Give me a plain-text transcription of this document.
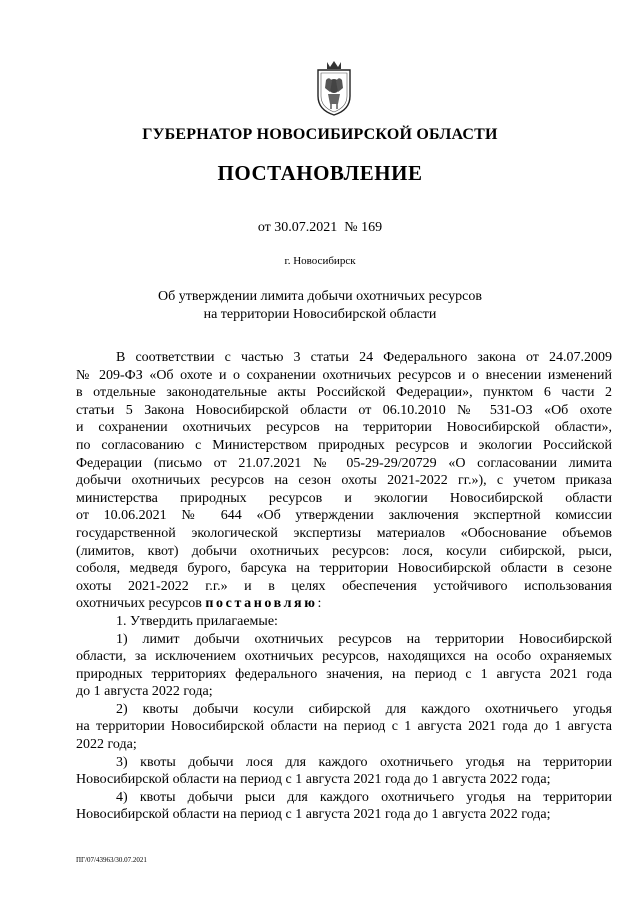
ГУБЕРНАТОР НОВОСИБИРСКОЙ ОБЛАСТИ
ПОСТАНОВЛЕНИЕ
от 30.07.2021  № 169
г. Новосибирск
Об утверждении лимита добычи охотничьих ресурсов
на территории Новосибирской области

В соответствии с частью 3 статьи 24 Федерального закона от 24.07.2009

№ 209-ФЗ «Об охоте и о сохранении охотничьих ресурсов и о внесении изменений

в отдельные законодательные акты Российской Федерации», пунктом 6 части 2

статьи 5 Закона Новосибирской области от 06.10.2010 № 531-ОЗ «Об охоте

и сохранении охотничьих ресурсов на территории Новосибирской области»,

по согласованию с Министерством природных ресурсов и экологии Российской

Федерации (письмо от 21.07.2021 № 05-29-29/20729 «О согласовании лимита

добычи охотничьих ресурсов на сезон охоты 2021-2022 гг.»), с учетом приказа

министерства природных ресурсов и экологии Новосибирской области

от 10.06.2021 № 644 «Об утверждении заключения экспертной комиссии

государственной экологической экспертизы материалов «Обоснование объемов

(лимитов, квот) добычи охотничьих ресурсов: лося, косули сибирской, рыси,

соболя, медведя бурого, барсука на территории Новосибирской области в сезоне

охоты 2021-2022 г.г.» и в целях обеспечения устойчивого использования

охотничьих ресурсов постановляю:

1. Утвердить прилагаемые:

1) лимит добычи охотничьих ресурсов на территории Новосибирской

области, за исключением охотничьих ресурсов, находящихся на особо охраняемых

природных территориях федерального значения, на период с 1 августа 2021 года

до 1 августа 2022 года;

2) квоты добычи косули сибирской для каждого охотничьего угодья

на территории Новосибирской области на период с 1 августа 2021 года до 1 августа

2022 года;

3) квоты добычи лося для каждого охотничьего угодья на территории

Новосибирской области на период с 1 августа 2021 года до 1 августа 2022 года;

4) квоты добычи рыси для каждого охотничьего угодья на территории

Новосибирской области на период с 1 августа 2021 года до 1 августа 2022 года;

ПГ/07/43963/30.07.2021
